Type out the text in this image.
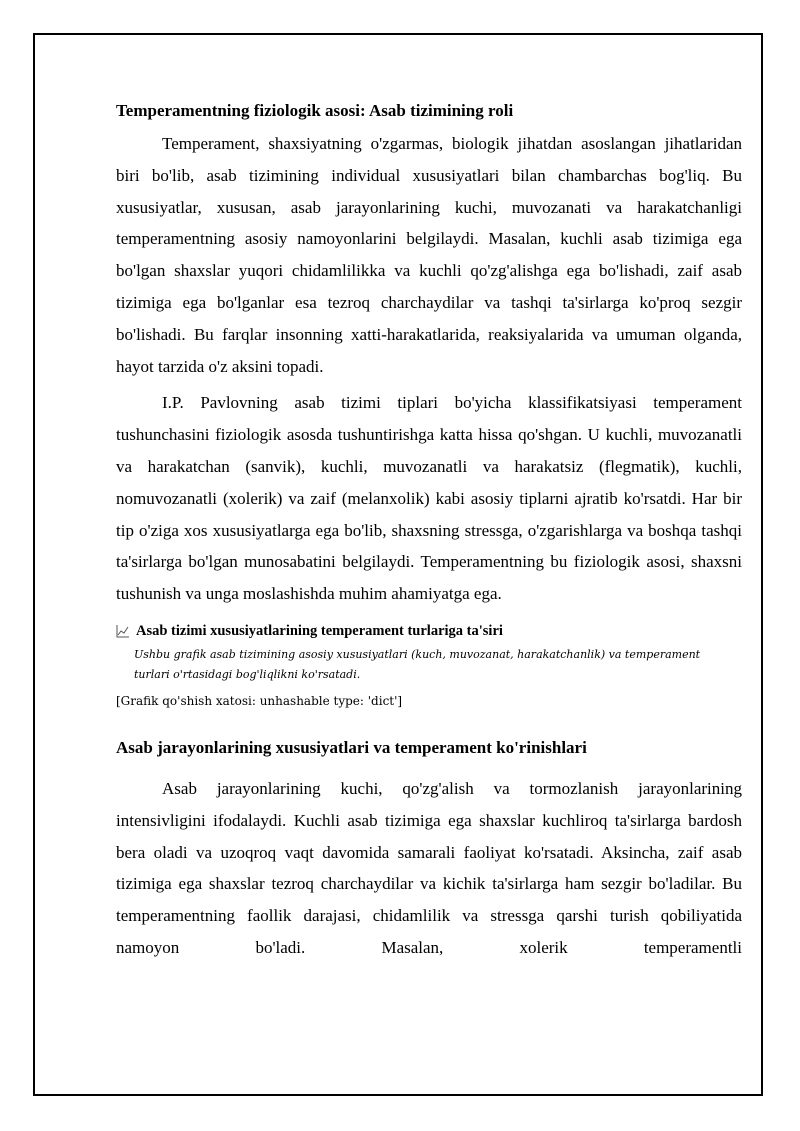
Temperamentning fiziologik asosi: Asab tizimining roli

Temperament, shaxsiyatning o'zgarmas, biologik jihatdan asoslangan jihatlaridan biri bo'lib, asab tizimining individual xususiyatlari bilan chambarchas bog'liq. Bu xususiyatlar, xususan, asab jarayonlarining kuchi, muvozanati va harakatchanligi temperamentning asosiy namoyonlarini belgilaydi. Masalan, kuchli asab tizimiga ega bo'lgan shaxslar yuqori chidamlilikka va kuchli qo'zg'alishga ega bo'lishadi, zaif asab tizimiga ega bo'lganlar esa tezroq charchaydilar va tashqi ta'sirlarga ko'proq sezgir bo'lishadi. Bu farqlar insonning xatti-harakatlarida, reaksiyalarida va umuman olganda, hayot tarzida o'z aksini topadi.

I.P. Pavlovning asab tizimi tiplari bo'yicha klassifikatsiyasi temperament tushunchasini fiziologik asosda tushuntirishga katta hissa qo'shgan. U kuchli, muvozanatli va harakatchan (sanvik), kuchli, muvozanatli va harakatsiz (flegmatik), kuchli, nomuvozanatli (xolerik) va zaif (melanxolik) kabi asosiy tiplarni ajratib ko'rsatdi. Har bir tip o'ziga xos xususiyatlarga ega bo'lib, shaxsning stressga, o'zgarishlarga va boshqa tashqi ta'sirlarga bo'lgan munosabatini belgilaydi. Temperamentning bu fiziologik asosi, shaxsni tushunish va unga moslashishda muhim ahamiyatga ega.

Asab tizimi xususiyatlarining temperament turlariga ta'siri
Ushbu grafik asab tizimining asosiy xususiyatlari (kuch, muvozanat, harakatchanlik) va temperament turlari o'rtasidagi bog'liqlikni ko'rsatadi.
[Grafik qo'shish xatosi: unhashable type: 'dict']
Asab jarayonlarining xususiyatlari va temperament ko'rinishlari

Asab jarayonlarining kuchi, qo'zg'alish va tormozlanish jarayonlarining intensivligini ifodalaydi. Kuchli asab tizimiga ega shaxslar kuchliroq ta'sirlarga bardosh bera oladi va uzoqroq vaqt davomida samarali faoliyat ko'rsatadi. Aksincha, zaif asab tizimiga ega shaxslar tezroq charchaydilar va kichik ta'sirlarga ham sezgir bo'ladilar. Bu temperamentning faollik darajasi, chidamlilik va stressga qarshi turish qobiliyatida namoyon bo'ladi. Masalan, xolerik temperamentli
